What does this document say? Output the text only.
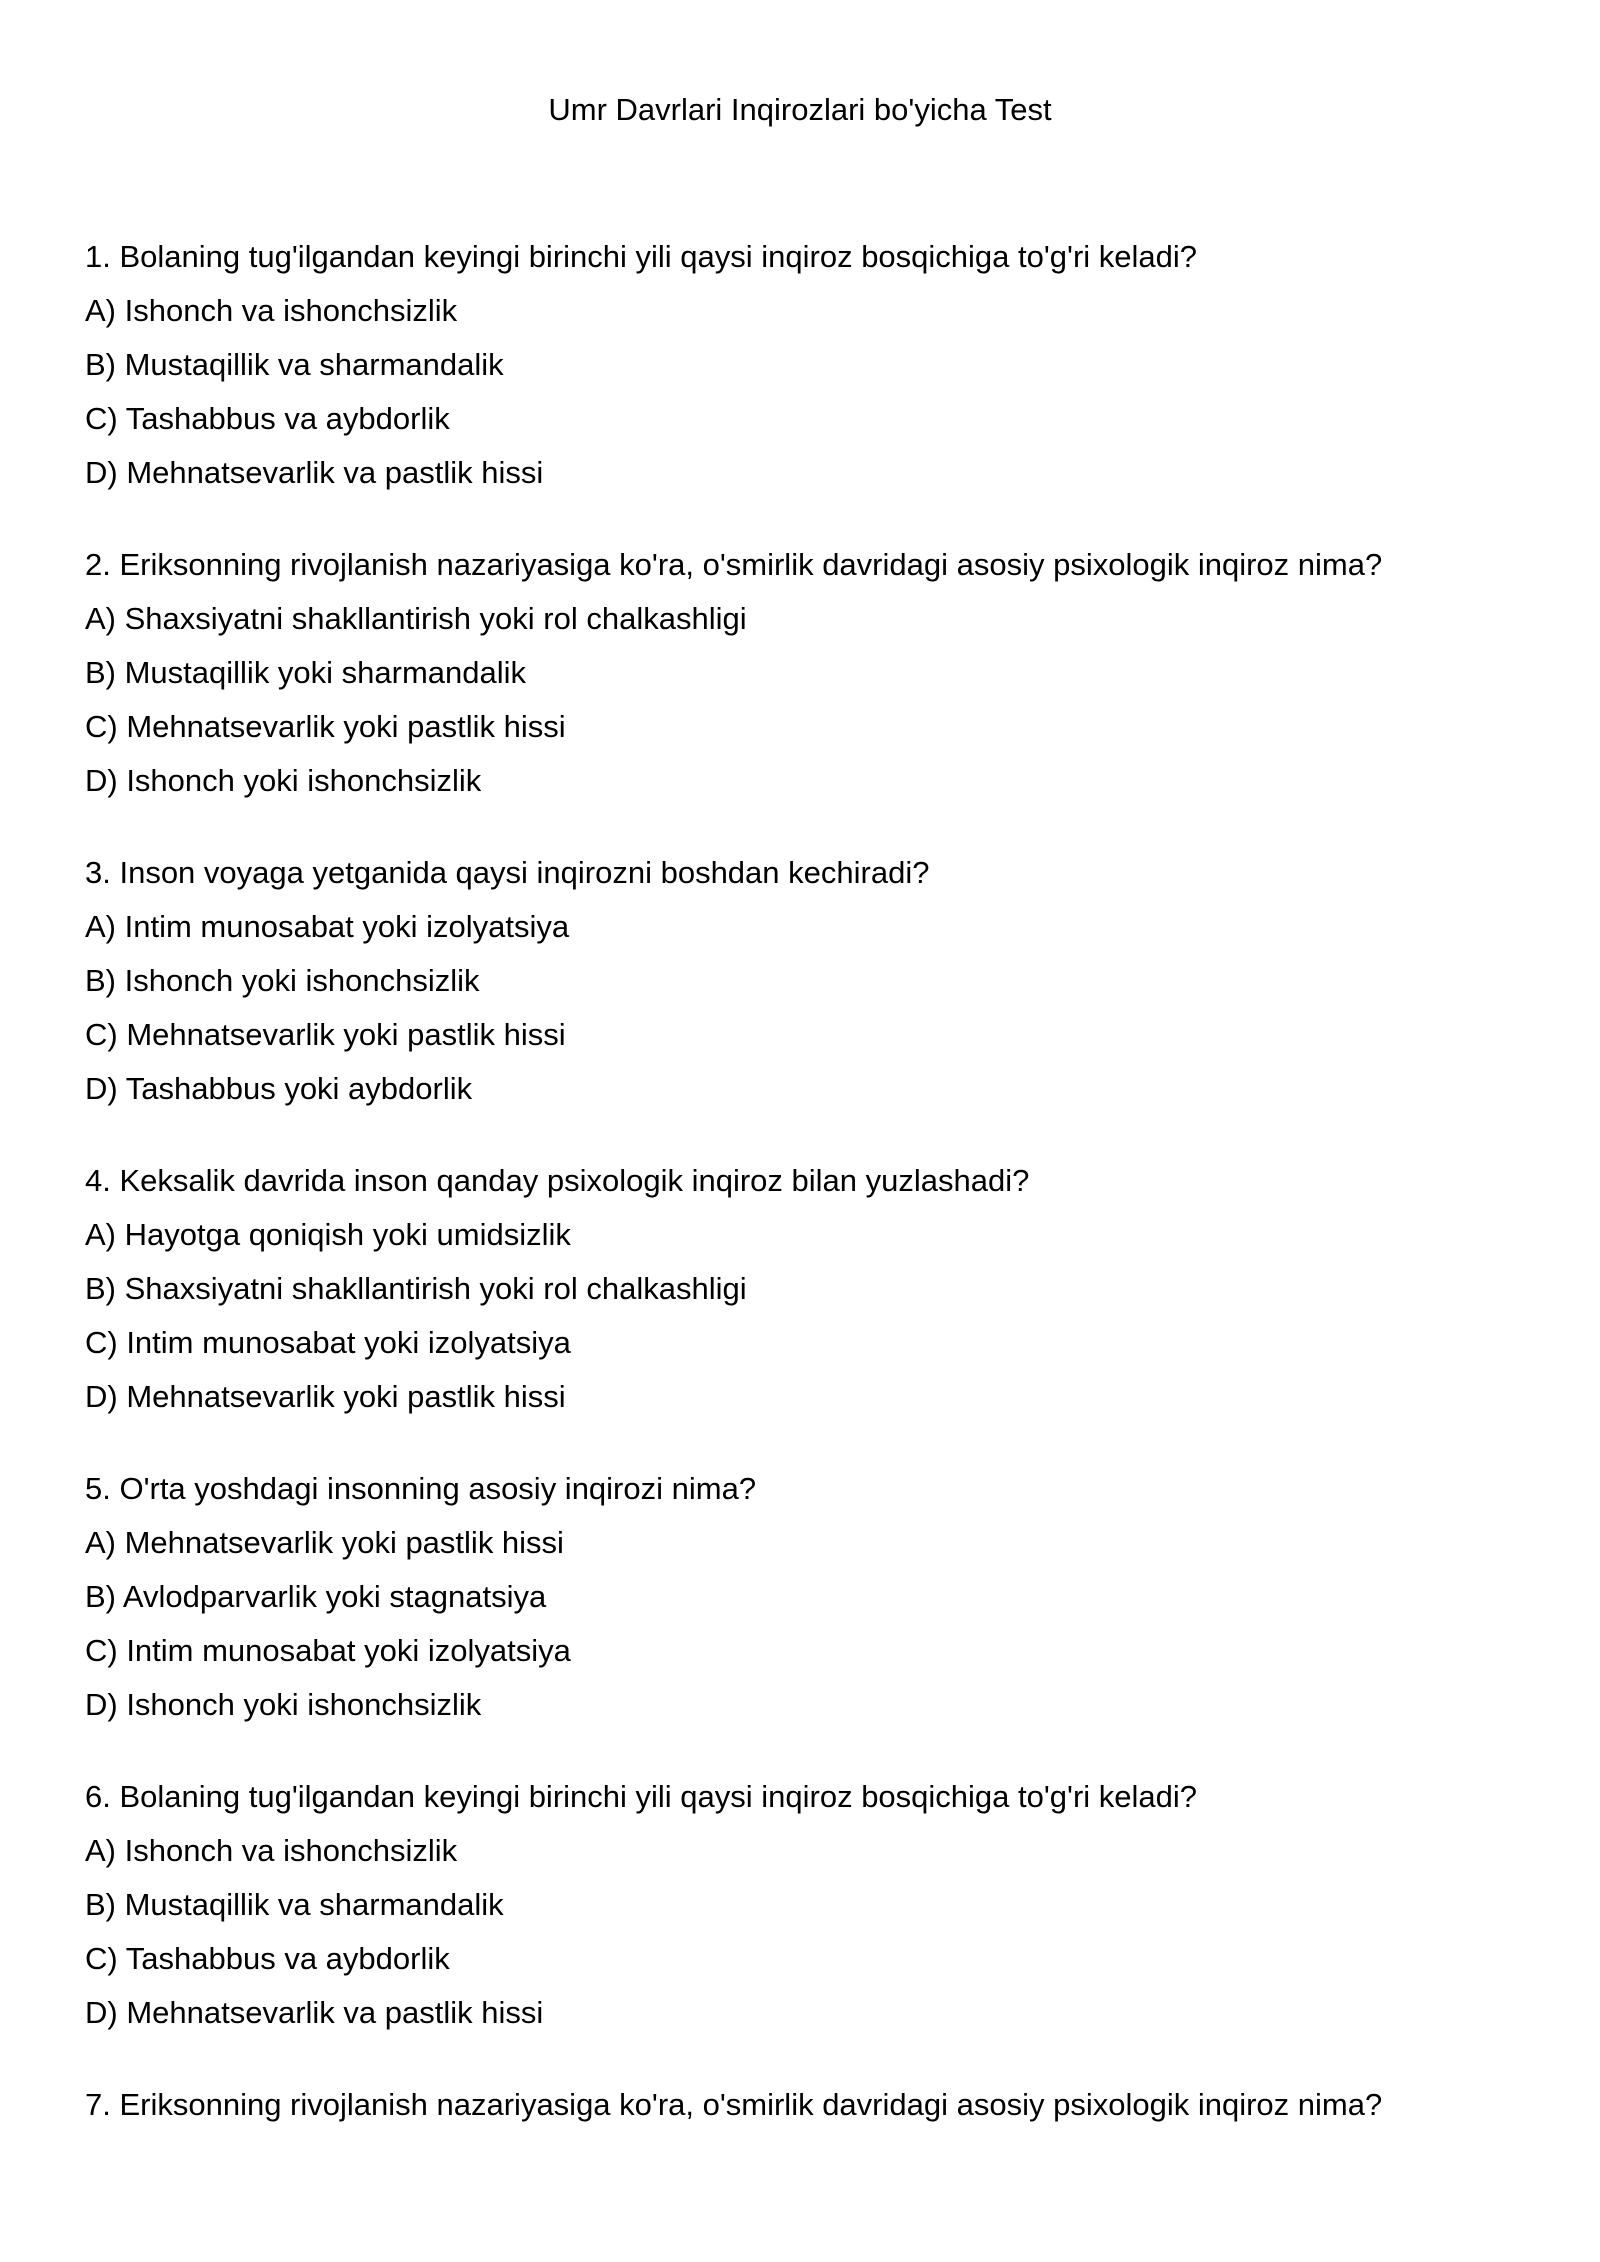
Umr Davrlari Inqirozlari bo'yicha Test
1. Bolaning tug'ilgandan keyingi birinchi yili qaysi inqiroz bosqichiga to'g'ri keladi?
A) Ishonch va ishonchsizlik
B) Mustaqillik va sharmandalik
C) Tashabbus va aybdorlik
D) Mehnatsevarlik va pastlik hissi
2. Eriksonning rivojlanish nazariyasiga ko'ra, o'smirlik davridagi asosiy psixologik inqiroz nima?
A) Shaxsiyatni shakllantirish yoki rol chalkashligi
B) Mustaqillik yoki sharmandalik
C) Mehnatsevarlik yoki pastlik hissi
D) Ishonch yoki ishonchsizlik
3. Inson voyaga yetganida qaysi inqirozni boshdan kechiradi?
A) Intim munosabat yoki izolyatsiya
B) Ishonch yoki ishonchsizlik
C) Mehnatsevarlik yoki pastlik hissi
D) Tashabbus yoki aybdorlik
4. Keksalik davrida inson qanday psixologik inqiroz bilan yuzlashadi?
A) Hayotga qoniqish yoki umidsizlik
B) Shaxsiyatni shakllantirish yoki rol chalkashligi
C) Intim munosabat yoki izolyatsiya
D) Mehnatsevarlik yoki pastlik hissi
5. O'rta yoshdagi insonning asosiy inqirozi nima?
A) Mehnatsevarlik yoki pastlik hissi
B) Avlodparvarlik yoki stagnatsiya
C) Intim munosabat yoki izolyatsiya
D) Ishonch yoki ishonchsizlik
6. Bolaning tug'ilgandan keyingi birinchi yili qaysi inqiroz bosqichiga to'g'ri keladi?
A) Ishonch va ishonchsizlik
B) Mustaqillik va sharmandalik
C) Tashabbus va aybdorlik
D) Mehnatsevarlik va pastlik hissi
7. Eriksonning rivojlanish nazariyasiga ko'ra, o'smirlik davridagi asosiy psixologik inqiroz nima?
